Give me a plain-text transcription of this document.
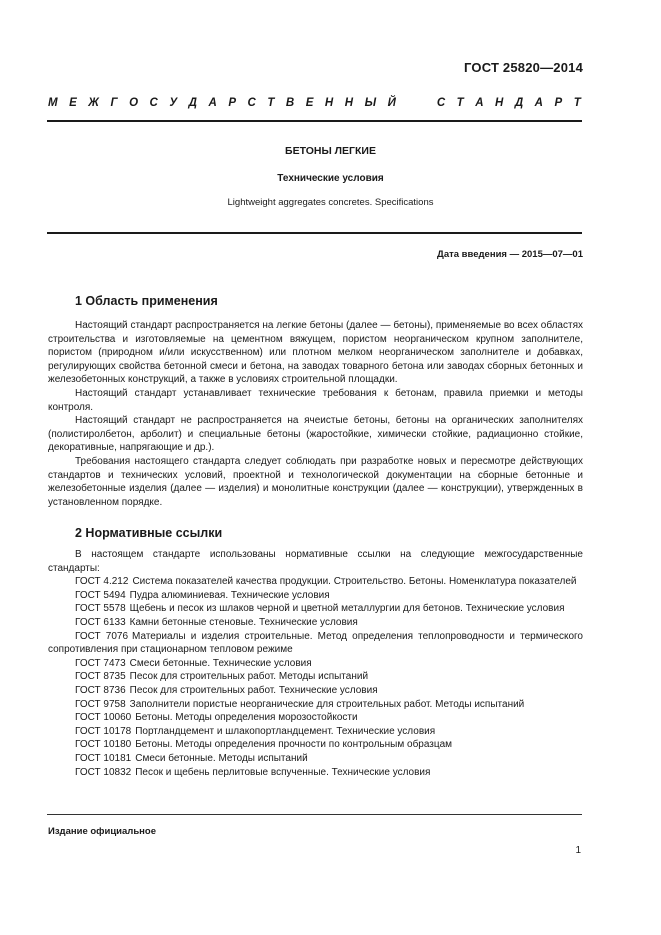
ГОСТ 25820—2014
М Е Ж Г О С У Д А Р С Т В Е Н Н Ы Й

	С Т А Н Д А Р Т
БЕТОНЫ ЛЕГКИЕ
Технические условия
Lightweight aggregates concretes. Specifications
Дата введения — 2015—07—01
1 Область применения

Настоящий стандарт распространяется на легкие бетоны (далее — бетоны), применяемые во всех областях строительства и изготовляемые на цементном вяжущем, пористом неорганическом крупном заполнителе, пористом (природном и/или искусственном) или плотном мелком неорганическом заполнителе и добавках, регулирующих свойства бетонной смеси и бетона, на заводах товарного бетона или заводах сборных бетонных и железобетонных конструкций, а также в условиях строительной площадки.

Настоящий стандарт устанавливает технические требования к бетонам, правила приемки и методы контроля.

Настоящий стандарт не распространяется на ячеистые бетоны, бетоны на органических заполнителях (полистиролбетон, арболит) и специальные бетоны (жаростойкие, химически стойкие, радиационно стойкие, декоративные, напрягающие и др.).

Требования настоящего стандарта следует соблюдать при разработке новых и пересмотре действующих стандартов и технических условий, проектной и технологической документации на сборные бетонные и железобетонные изделия (далее — изделия) и монолитные конструкции (далее — конструкции), утвержденных в установленном порядке.

2 Нормативные ссылки

В настоящем стандарте использованы нормативные ссылки на следующие межгосударственные стандарты:

ГОСТ 4.212 Система показателей качества продукции. Строительство. Бетоны. Номенклатура показателей

ГОСТ 5494 Пудра алюминиевая. Технические условия

ГОСТ 5578 Щебень и песок из шлаков черной и цветной металлургии для бетонов. Технические условия

ГОСТ 6133 Камни бетонные стеновые. Технические условия

ГОСТ 7076 Материалы и изделия строительные. Метод определения теплопроводности и термического сопротивления при стационарном тепловом режиме

ГОСТ 7473 Смеси бетонные. Технические условия

ГОСТ 8735 Песок для строительных работ. Методы испытаний

ГОСТ 8736 Песок для строительных работ. Технические условия

ГОСТ 9758 Заполнители пористые неорганические для строительных работ. Методы испытаний

ГОСТ 10060 Бетоны. Методы определения морозостойкости

ГОСТ 10178 Портландцемент и шлакопортландцемент. Технические условия

ГОСТ 10180 Бетоны. Методы определения прочности по контрольным образцам

ГОСТ 10181 Смеси бетонные. Методы испытаний

ГОСТ 10832 Песок и щебень перлитовые вспученные. Технические условия

Издание официальное
1
